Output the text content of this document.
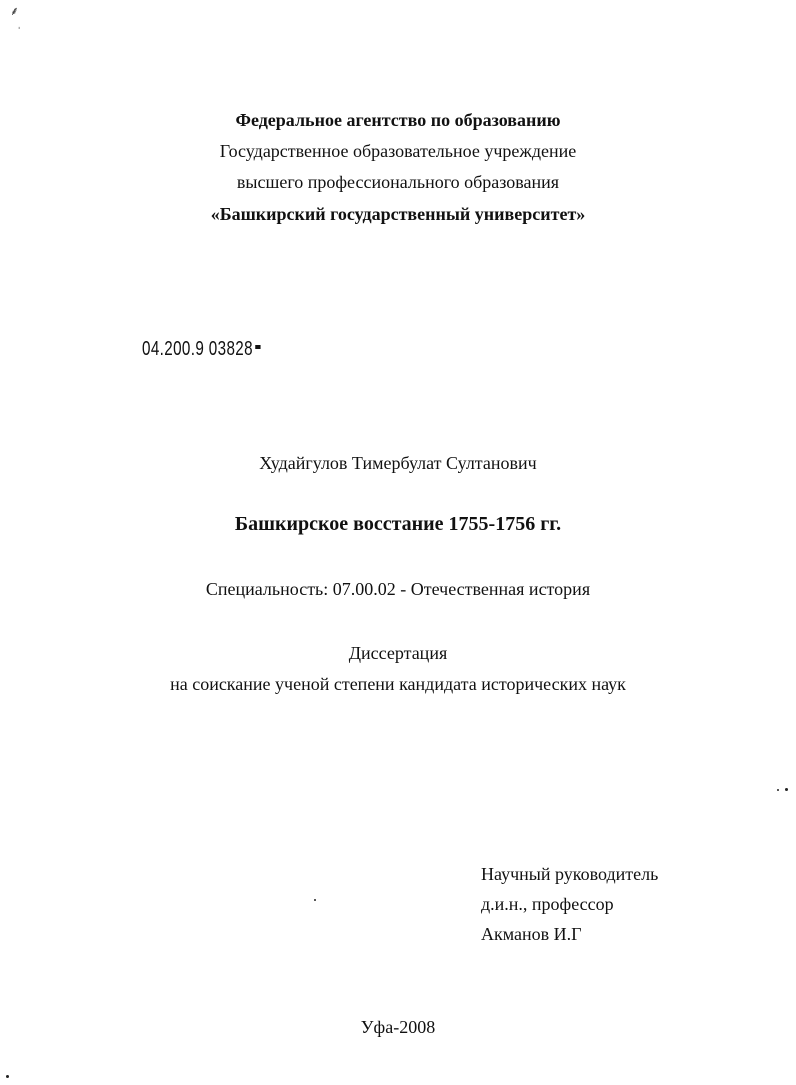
⸙
ˌ
Федеральное агентство по образованию
Государственное образовательное учреждение
высшего профессионального образования
«Башкирский государственный университет»
04.200.9 03828
Худайгулов Тимербулат Султанович
Башкирское восстание 1755-1756 гг.
Специальность: 07.00.02 - Отечественная история
Диссертация
на соискание ученой степени кандидата исторических наук
Научный руководитель
д.и.н., профессор
Акманов И.Г
Уфа-2008
